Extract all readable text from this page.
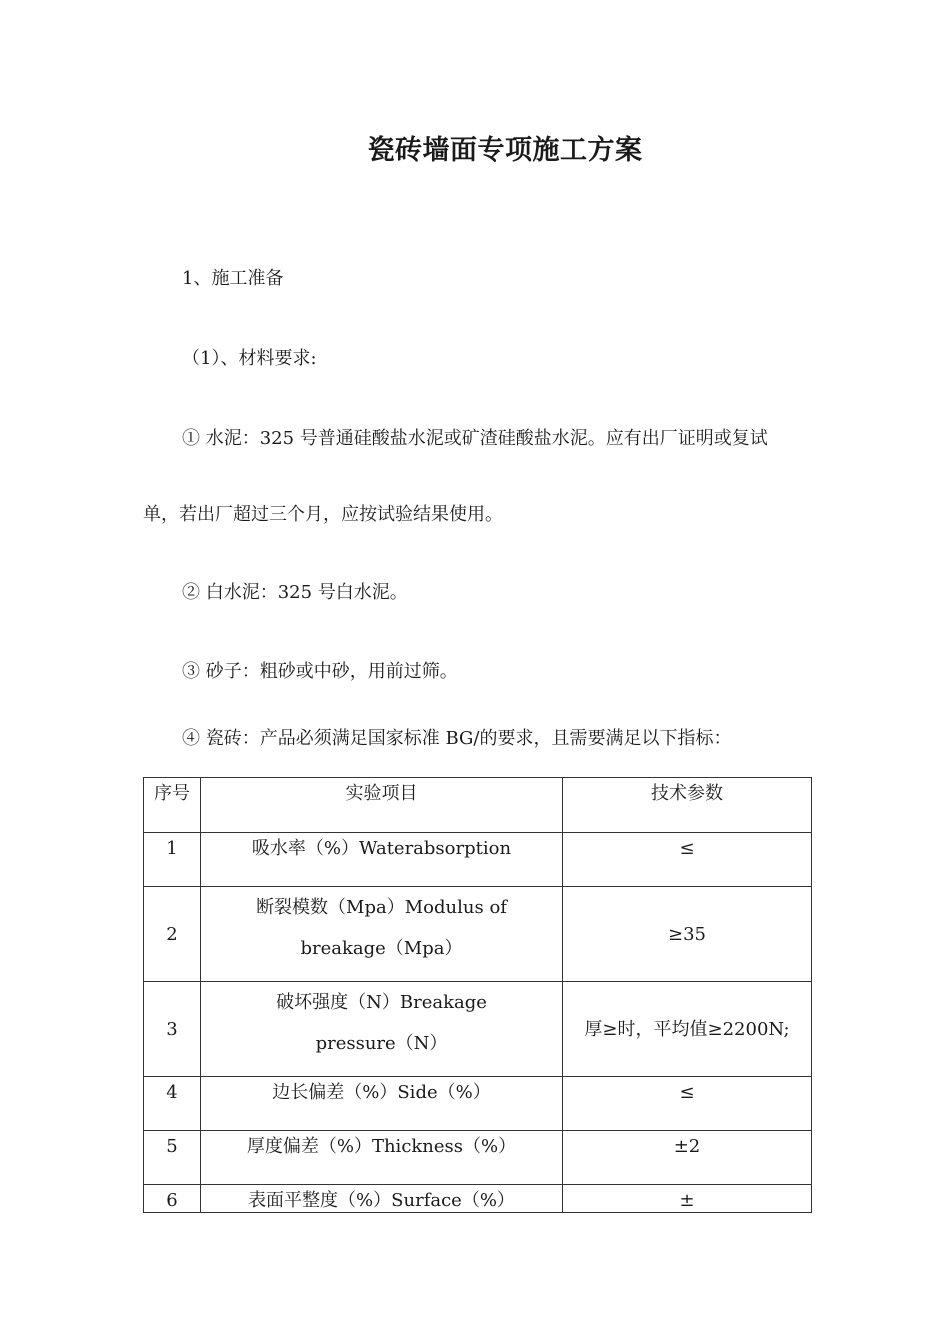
瓷砖墙面专项施工方案
1、施工准备
（1）、材料要求:
① 水泥：325 号普通硅酸盐水泥或矿渣硅酸盐水泥。应有出厂证明或复试
单，若出厂超过三个月，应按试验结果使用。
② 白水泥：325 号白水泥。
③ 砂子：粗砂或中砂，用前过筛。
④ 瓷砖：产品必须满足国家标准 BG/的要求，且需要满足以下指标：
序号	实验项目	技术参数
1	吸水率（%）Waterabsorption	≤
2	断裂模数（Mpa）Modulus of breakage（Mpa）	≥35
3	破坏强度（N）Breakage pressure（N）	厚≥时，平均值≥2200N;
4	边长偏差（%）Side（%）	≤
5	厚度偏差（%）Thickness（%）	±2
6	表面平整度（%）Surface（%）	±
